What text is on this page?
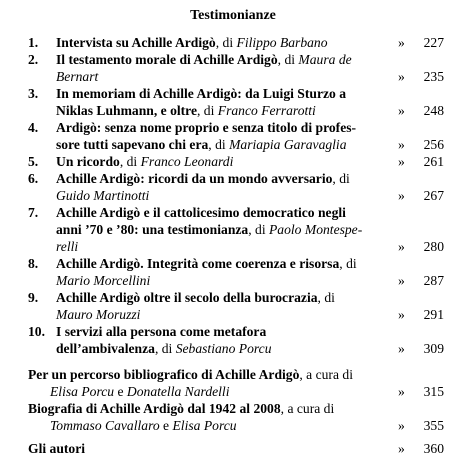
Testimonianze
1. Intervista su Achille Ardigò, di Filippo Barbano	» 227
2. Il testamento morale di Achille Ardigò, di Maura de
Bernart	» 235
3. In memoriam di Achille Ardigò: da Luigi Sturzo a
Niklas Luhmann, e oltre, di Franco Ferrarotti	» 248
4. Ardigò: senza nome proprio e senza titolo di profes-
sore tutti sapevano chi era, di Mariapia Garavaglia	» 256
5. Un ricordo, di Franco Leonardi	» 261
6. Achille Ardigò: ricordi da un mondo avversario, di
Guido Martinotti	» 267
7. Achille Ardigò e il cattolicesimo democratico negli
anni ’70 e ’80: una testimonianza, di Paolo Montespe-
relli	» 280
8. Achille Ardigò. Integrità come coerenza e risorsa, di
Mario Morcellini	» 287
9. Achille Ardigò oltre il secolo della burocrazia, di
Mauro Moruzzi	» 291
10. I servizi alla persona come metafora
dell’ambivalenza, di Sebastiano Porcu	» 309
Per un percorso bibliografico di Achille Ardigò, a cura di
Elisa Porcu e Donatella Nardelli	» 315
Biografia di Achille Ardigò dal 1942 al 2008, a cura di
Tommaso Cavallaro e Elisa Porcu	» 355
Gli autori	» 360
